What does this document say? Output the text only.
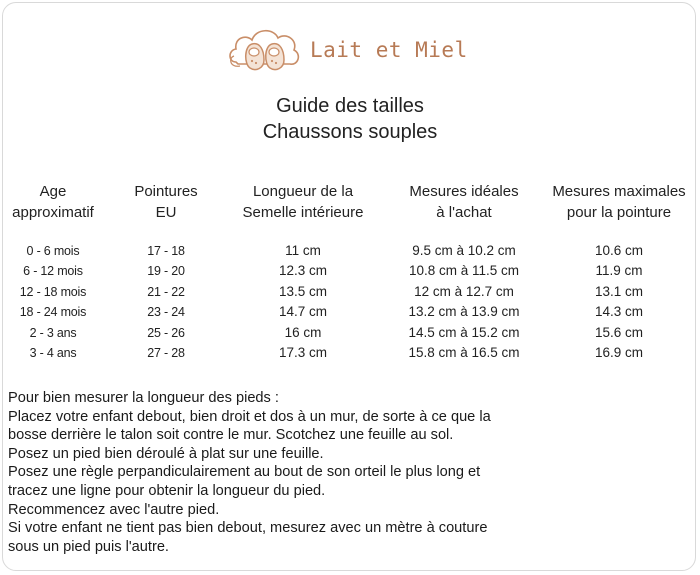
Lait et Miel
Guide des tailles
Chaussons souples
Age
approximatif
Pointures
EU
Longueur de la
Semelle intérieure
Mesures idéales
à l'achat
Mesures maximales
pour la pointure
0 - 6 mois
6 - 12 mois
12 - 18 mois
18 - 24 mois
2 - 3 ans
3 - 4 ans
17 - 18
19 - 20
21 - 22
23 - 24
25 - 26
27 - 28
11 cm
12.3 cm
13.5 cm
14.7 cm
16 cm
17.3 cm
9.5 cm à 10.2 cm
10.8 cm à 11.5 cm
12 cm à 12.7 cm
13.2 cm à 13.9 cm
14.5 cm à 15.2 cm
15.8 cm à 16.5 cm
10.6 cm
11.9 cm
13.1 cm
14.3 cm
15.6 cm
16.9 cm
Pour bien mesurer la longueur des pieds :
Placez votre enfant debout, bien droit et dos à un mur, de sorte à ce que la
bosse derrière le talon soit contre le mur. Scotchez une feuille au sol.
Posez un pied bien déroulé à plat sur une feuille.
Posez une règle perpandiculairement au bout de son orteil le plus long et
tracez une ligne pour obtenir la longueur du pied.
Recommencez avec l'autre pied.
Si votre enfant ne tient pas bien debout, mesurez avec un mètre à couture
sous un pied puis l'autre.
